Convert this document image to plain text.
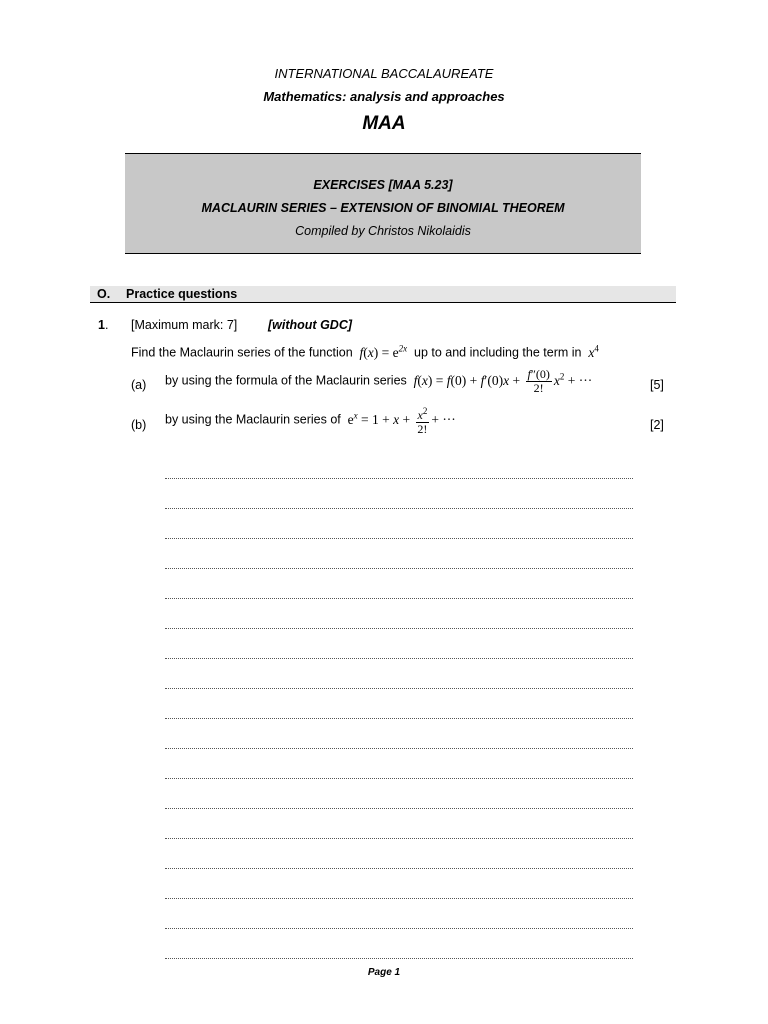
INTERNATIONAL BACCALAUREATE
Mathematics: analysis and approaches
MAA
EXERCISES [MAA 5.23]
MACLAURIN SERIES – EXTENSION OF BINOMIAL THEOREM
Compiled by Christos Nikolaidis
O. Practice questions
1. [Maximum mark: 7] [without GDC]
Find the Maclaurin series of the function  $f(x) = e^{2x}$ up to and including the term in  $x^4$
(a) by using the formula of the Maclaurin series  $f(x) = f(0) + f'(0)x + \frac{f''(0)}{2!} x^2$ + ···	[5]
(b) by using the Maclaurin series of $e^x = 1 + x + \frac{x^2}{2!}$ + ···	[2]
Page 1
